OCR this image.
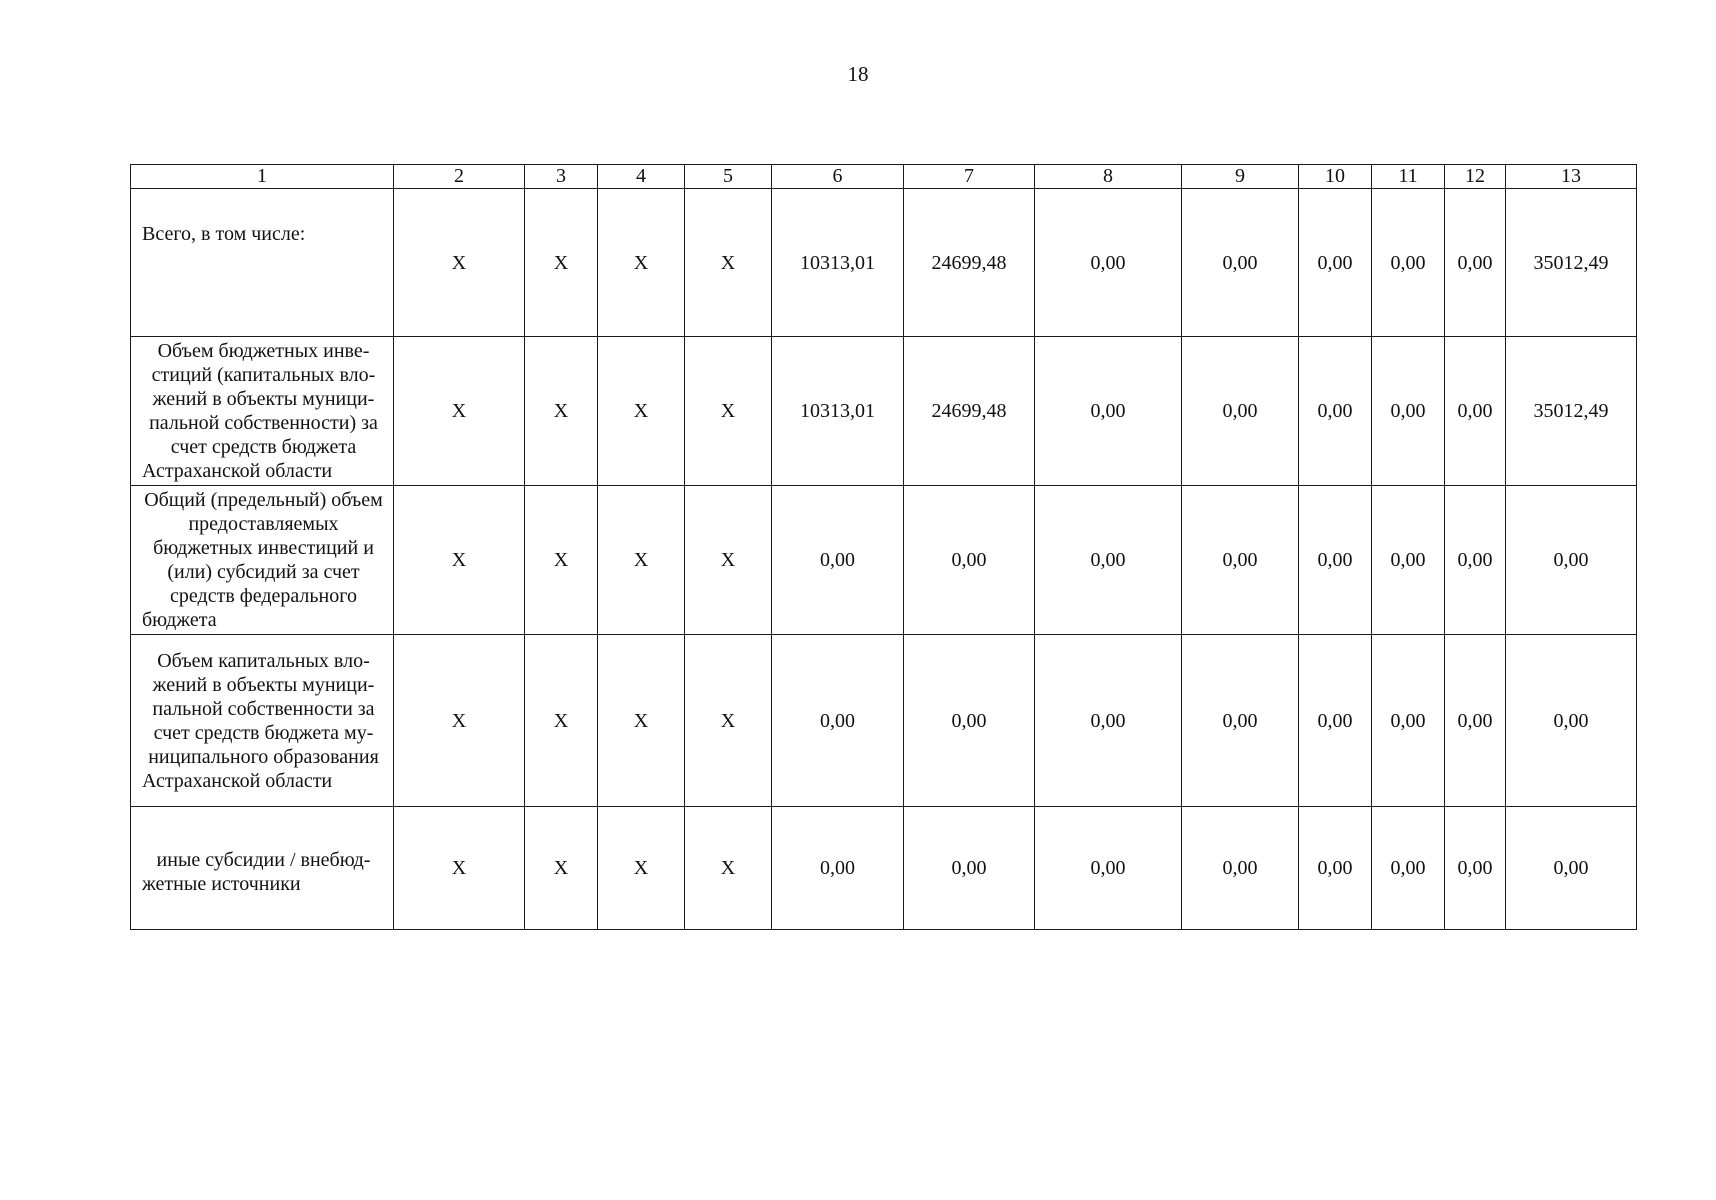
18
1	2	3	4	5	6	7	8	9	10	11	12	13
Всего, в том числе:	X	X	X	X	10313,01	24699,48	0,00	0,00	0,00	0,00	0,00	35012,49
Объем бюджетных инвестиций (капитальных вложений в объекты муниципальной собственности) за счет средств бюджета Астраханской области	X	X	X	X	10313,01	24699,48	0,00	0,00	0,00	0,00	0,00	35012,49
Общий (предельный) объем предоставляемых бюджетных инвестиций и (или) субсидий за счет средств федерального бюджета	X	X	X	X	0,00	0,00	0,00	0,00	0,00	0,00	0,00	0,00
Объем капитальных вложений в объекты муниципальной собственности за счет средств бюджета муниципального образования Астраханской области	X	X	X	X	0,00	0,00	0,00	0,00	0,00	0,00	0,00	0,00
иные субсидии / внебюджетные источники	X	X	X	X	0,00	0,00	0,00	0,00	0,00	0,00	0,00	0,00
